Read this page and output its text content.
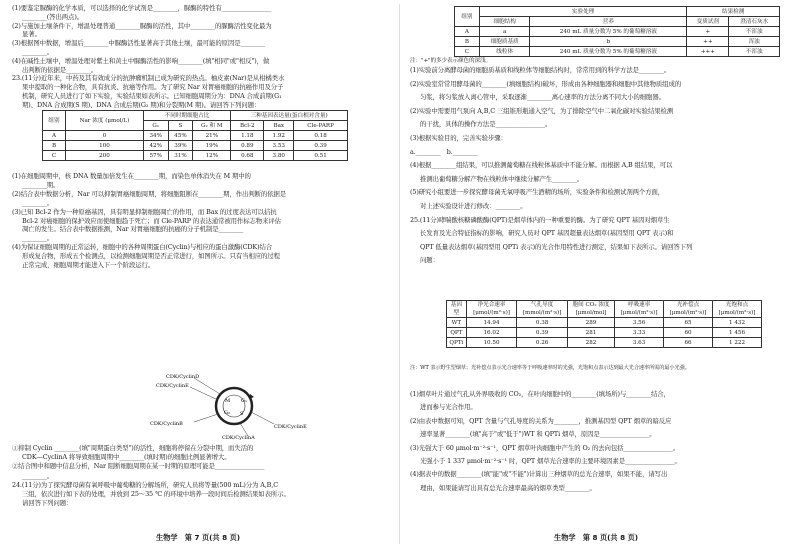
(1)要鉴定脲酶的化学本质，可以选择的化学试剂是________，脲酶的特性有________________
________(答出两点)。
(2)与施加土壤条件下，增温处理普通________脲酶的活性，其中________的脲酶活性变化最为
显著。
(3)根据图中数据，增温后________中脲酶活性显著高于其他土壤，最可能的原因是________
________。
(4)在碱性土壤中，增温处理对紫土和黄土中脲酶活性的影响________(填"相同"或"相反")，做
出判断的依据是________。
23.(11分)近年来，中药及其有效成分的抗肿瘤机制已成为研究的热点。柚皮素(Nar)是从柑橘类水
果中提取的一种化合物，具有抗炎、抗癌等作用。为了研究 Nar 对胃癌细胞的抗癌作用及分子
机制，研究人员进行了如下实验，实验结果如表所示。已知细胞周期分为：DNA 合成前期(G₁
期)、DNA 合成期(S 期)、DNA 合成后期(G₂ 期)和分裂期(M 期)。请回答下列问题：
组别	Nar 浓度 (μmol/L)	不同时期细胞占比			三种基因表达量(蛋白相对含量)		
		G₁	S	G₂ 和 M	Bcl-2	Bax	Cle-PARP
A	0	34%	45%	21%	1.18	1.92	0.18
B	100	42%	39%	19%	0.89	3.53	0.39
C	200	57%	31%	12%	0.68	3.80	0.51
(1)在细胞周期中，核 DNA 数量加倍发生在________期，而染色单体消失在 M 期中的
________期。
(2)结合表中数据分析，Nar 可以抑制胃癌细胞周期，将细胞阻断在________期，作出判断的依据是
________。
(3)已知 Bcl-2 作为一种原癌基因，具有明显抑制细胞凋亡的作用，而 Bax 的过度表达可以拮抗
Bcl-2 对癌细胞的保护效应而使细胞趋于死亡；而 Cle-PARP 的表达通常被用作标志物来评估
凋亡的发生。结合表中数据推测，Nar 对胃癌细胞的抗癌的分子机制是________
________。
(4)为保证细胞周期的正常运转，细胞中的各种周期蛋白(Cyclin)与相应的蛋白激酶(CDK)结合
形成复合物，形成五个检测点，以检测细胞周期是否正常进行，如图所示。只有当相应的过程
正常完成，细胞周期才能进入下一个阶段运行。
CDK/CyclinD
CDK/CyclinE
CDK/CyclinB
CDK/CyclinA
CDK/CyclinE
G₁
S
G₂
M
①抑制 Cyclin ________(填"周期蛋白类型")的活性，细胞将停留在分裂中期，而失活的
CDK—CyclinA 将导致细胞周期中________(填时期)的细胞比例显著增大。
②结合图中和题中信息分析，Nar 阻断细胞周期在某一时期的原理可能是________________
________。
24.(11分)为了探究酵母菌有氧呼吸中葡萄糖的分解场所，研究人员将等量(500 mL)分为 A,B,C
三组，依次进行如下表的处理，并放到 25～35 ℃ 的环境中培养一段时间后检测结果如表所示。
请回答下列问题：
生物学　第 7 页(共 8 页)
组别	实验处理		结果检测	
	细胞结构	营养	变质试剂	澄清石灰水
A	a	240 mL 质量分数为 5% 的葡萄糖溶液	+	不浑浊
B	细胞质基质	b	++	浑浊
C	线粒体	240 mL 质量分数为 5% 的葡萄糖溶液	+++	不浑浊
注："+"的多少表示颜色的深浅。
(1)实验前分离酵母菌的细胞质基质和线粒体等细胞结构时，常常用到的科学方法是________。
(2)实验室常常用酵母菌的________(填细胞结构)破坏，形成由各种细胞器和细胞中其他物质组成的
匀浆，将匀浆放入离心管中，采取逐渐________离心速率的方法分离不同大小的细胞器。
(2)实验中需要用气泵向 A,B,C 三组锥形瓶通入空气，为了排除空气中二氧化碳对实验结果检测
的干扰，具体的操作方法是________________。
(3)根据实验目的，完善实验步骤：
a.________　b.________
(4)根据________组结果，可以推测葡萄糖在线粒体基质中不能分解。而根据 A,B 组结果，可以
推测出葡萄糖分解产物在线粒体中继续分解产生________。
(5)研究小组要进一步探究酵母菌无氧呼吸产生酒精的场所，实验条件和检测试剂两个方面，
对上述实验设计进行修改：________。
25.(11分)哮喘酸核糖磷酸酶(QPT)是烟草体内的一种重要的酶。为了研究 QPT 基因对烟草生
长发育及光合特征指标的影响，研究人员对 QPT 基因超量表达烟草(基因型用 QPT 表示)和
QPT 低量表达烟草(基因型用 QPTi 表示)的光合作用特性进行测定，结果如下表所示。请回答下列
问题：
基因型	净光合速率 [μmol/(m²·s)]	气孔导度 [mmol/(m²·s)]	胞间 CO₂ 浓度 [μmol/mol]	呼吸速率 [μmol/(m²·s)]	光补偿点 [μmol/(m²·s)]	光饱和点 [μmol/(m²·s)]
WT	14.94	0.38	289	3.56	65	1 432
QPT	16.02	0.39	281	3.33	60	1 456
QPTi	10.50	0.26	282	3.63	66	1 222
注：WT 表示野生型烟草；光补偿点表示光合速率等于呼吸速率时的光强，光饱和点表示达到最大光合速率所需的最小光强。
(1)烟草叶片通过气孔从外界吸收的 CO₂，在叶肉细胞中的________(填场所)与________结合，
进而参与光合作用。
(2)由表中数据可知，QPT 含量与气孔导度的关系为________，推测基因型 QPT 烟草的暗反应
速率显著________(填"高于"或"低于")WT 和 QPTi 烟草，原因是________________。
(3)光强大于 60 μmol·m⁻²·s⁻¹，QPT 烟草叶肉细胞中产生的 O₂ 的去向包括________________。
光强小于 1 337 μmol·m⁻²·s⁻¹ 时，QPT 烟草光合速率的主要环境因素是________________。
(4)据表中的数据________(填"能"或"不能")计算出三种烟草的总光合速率，如果不能，请写出
理由，如果能请写出具有总光合速率最高的烟草类型________。
生物学　第 8 页(共 8 页)
